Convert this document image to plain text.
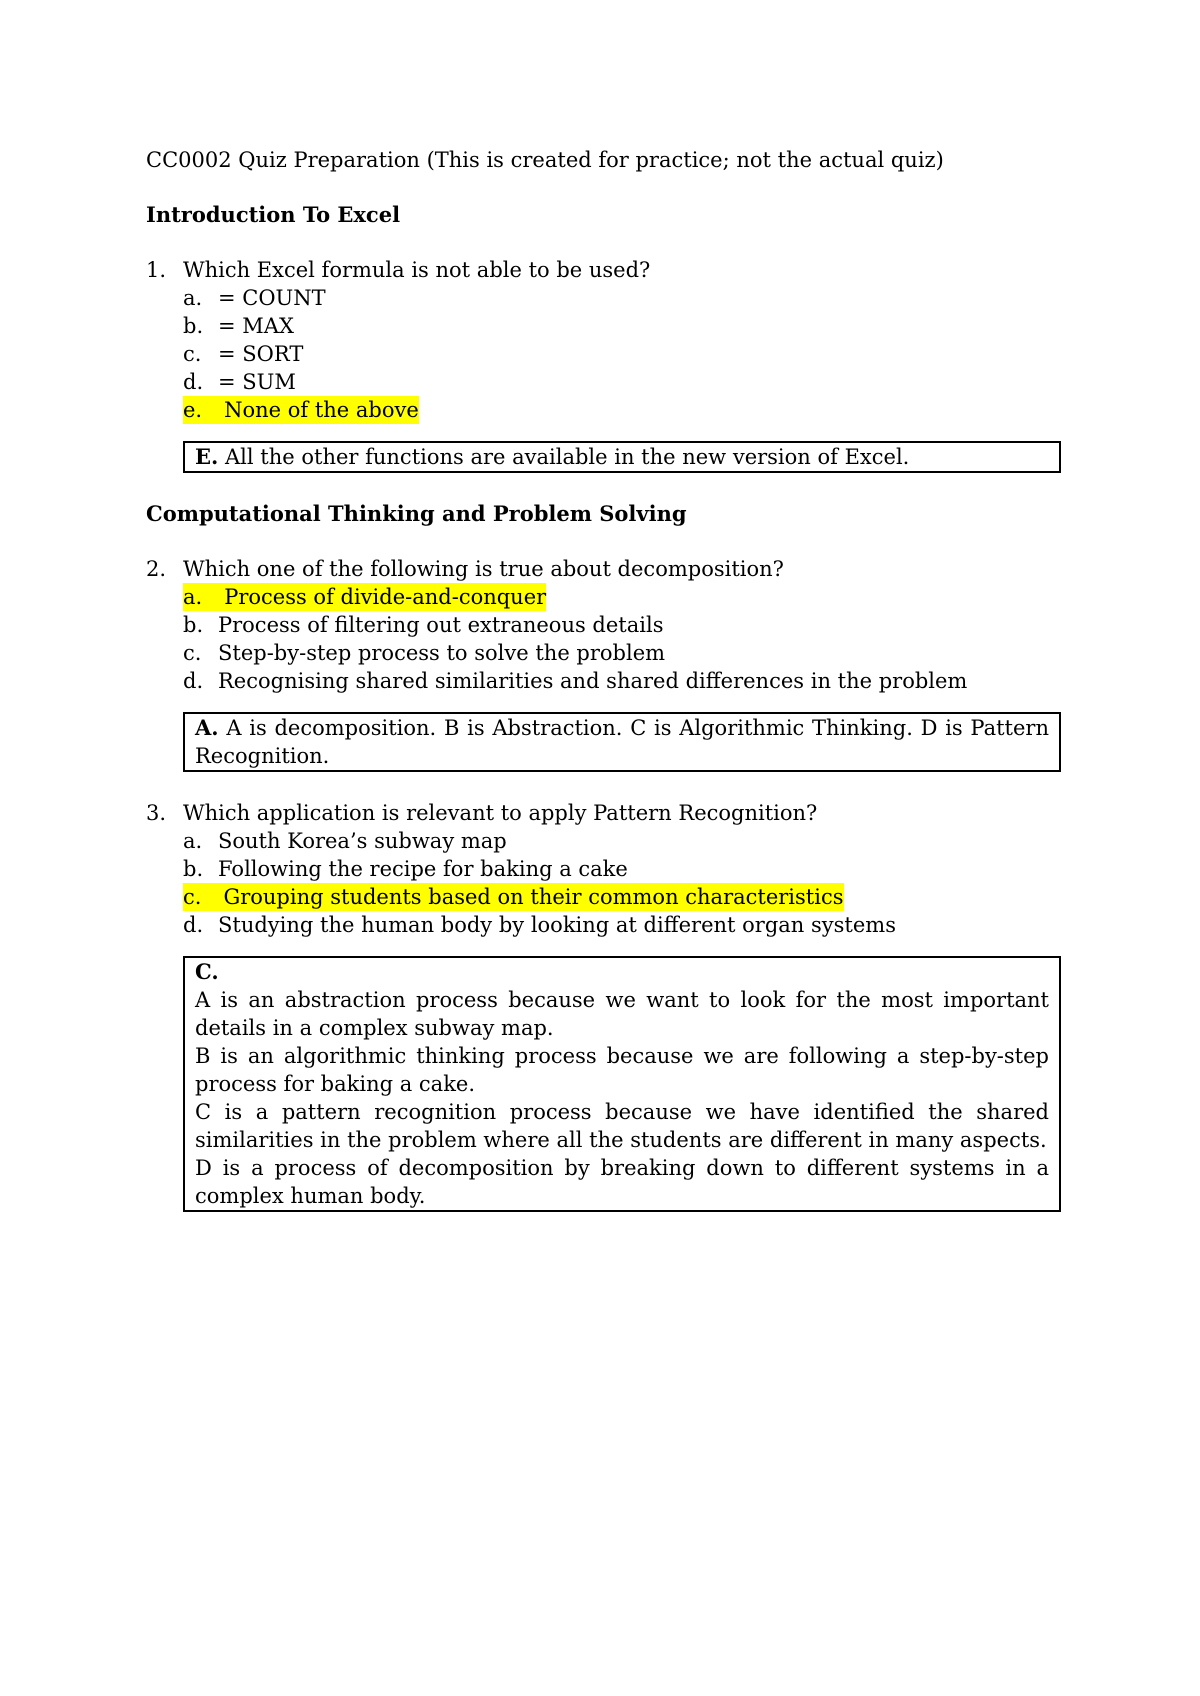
CC0002 Quiz Preparation (This is created for practice; not the actual quiz)
Introduction To Excel
1. Which Excel formula is not able to be used?
a. = COUNT
b. = MAX
c. = SORT
d. = SUM
e.	None of the above
E. All the other functions are available in the new version of Excel.
Computational Thinking and Problem Solving
2. Which one of the following is true about decomposition?
a.	Process of divide-and-conquer
b. Process of filtering out extraneous details
c. Step-by-step process to solve the problem
d. Recognising shared similarities and shared differences in the problem
A. A is decomposition. B is Abstraction. C is Algorithmic Thinking. D is Pattern Recognition.
3. Which application is relevant to apply Pattern Recognition?
a. South Korea’s subway map
b. Following the recipe for baking a cake
c.	Grouping students based on their common characteristics
d. Studying the human body by looking at different organ systems
C.
A is an abstraction process because we want to look for the most important details in a complex subway map.
B is an algorithmic thinking process because we are following a step-by-step process for baking a cake.
C is a pattern recognition process because we have identified the shared similarities in the problem where all the students are different in many aspects.
D is a process of decomposition by breaking down to different systems in a complex human body.
